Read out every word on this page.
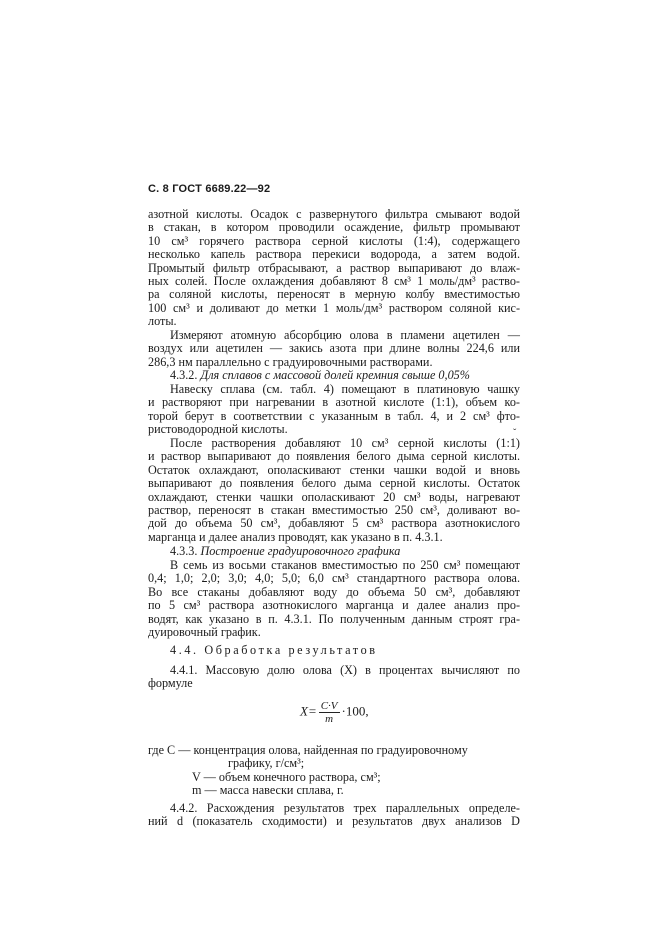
С. 8 ГОСТ 6689.22—92
азотной кислоты. Осадок с развернутого фильтра смывают водой
в стакан, в котором проводили осаждение, фильтр промывают
10 см³ горячего раствора серной кислоты (1:4), содержащего
несколько капель раствора перекиси водорода, а затем водой.
Промытый фильтр отбрасывают, а раствор выпаривают до влаж-
ных солей. После охлаждения добавляют 8 см³ 1 моль/дм³ раство-
ра соляной кислоты, переносят в мерную колбу вместимостью
100 см³ и доливают до метки 1 моль/дм³ раствором соляной кис-
лоты.
Измеряют атомную абсорбцию олова в пламени ацетилен —
воздух или ацетилен — закись азота при длине волны 224,6 или
286,3 нм параллельно с градуировочными растворами.
4.3.2. Для сплавов с массовой долей кремния свыше 0,05%
Навеску сплава (см. табл. 4) помещают в платиновую чашку
и растворяют при нагревании в азотной кислоте (1:1), объем ко-
торой берут в соответствии с указанным в табл. 4, и 2 см³ фто-
ристоводородной кислоты.	ˇ
После растворения добавляют 10 см³ серной кислоты (1:1)
и раствор выпаривают до появления белого дыма серной кислоты.
Остаток охлаждают, ополаскивают стенки чашки водой и вновь
выпаривают до появления белого дыма серной кислоты. Остаток
охлаждают, стенки чашки ополаскивают 20 см³ воды, нагревают
раствор, переносят в стакан вместимостью 250 см³, доливают во-
дой до объема 50 см³, добавляют 5 см³ раствора азотнокислого
марганца и далее анализ проводят, как указано в п. 4.3.1.
4.3.3. Построение градуировочного графика
В семь из восьми стаканов вместимостью по 250 см³ помещают
0,4; 1,0; 2,0; 3,0; 4,0; 5,0; 6,0 см³ стандартного раствора олова.
Во все стаканы добавляют воду до объема 50 см³, добавляют
по 5 см³ раствора азотнокислого марганца и далее анализ про-
водят, как указано в п. 4.3.1. По полученным данным строят гра-
дуировочный график.
4.4. Обработка результатов
4.4.1. Массовую долю олова (X) в процентах вычисляют по
формуле
$X= \frac{C\cdot V}{m} \cdot 100$,
где C — концентрация олова, найденная по градуировочному
графику, г/см³;
V — объем конечного раствора, см³;
m — масса навески сплава, г.
4.4.2. Расхождения результатов трех параллельных определе-
ний d (показатель сходимости) и результатов двух анализов D
